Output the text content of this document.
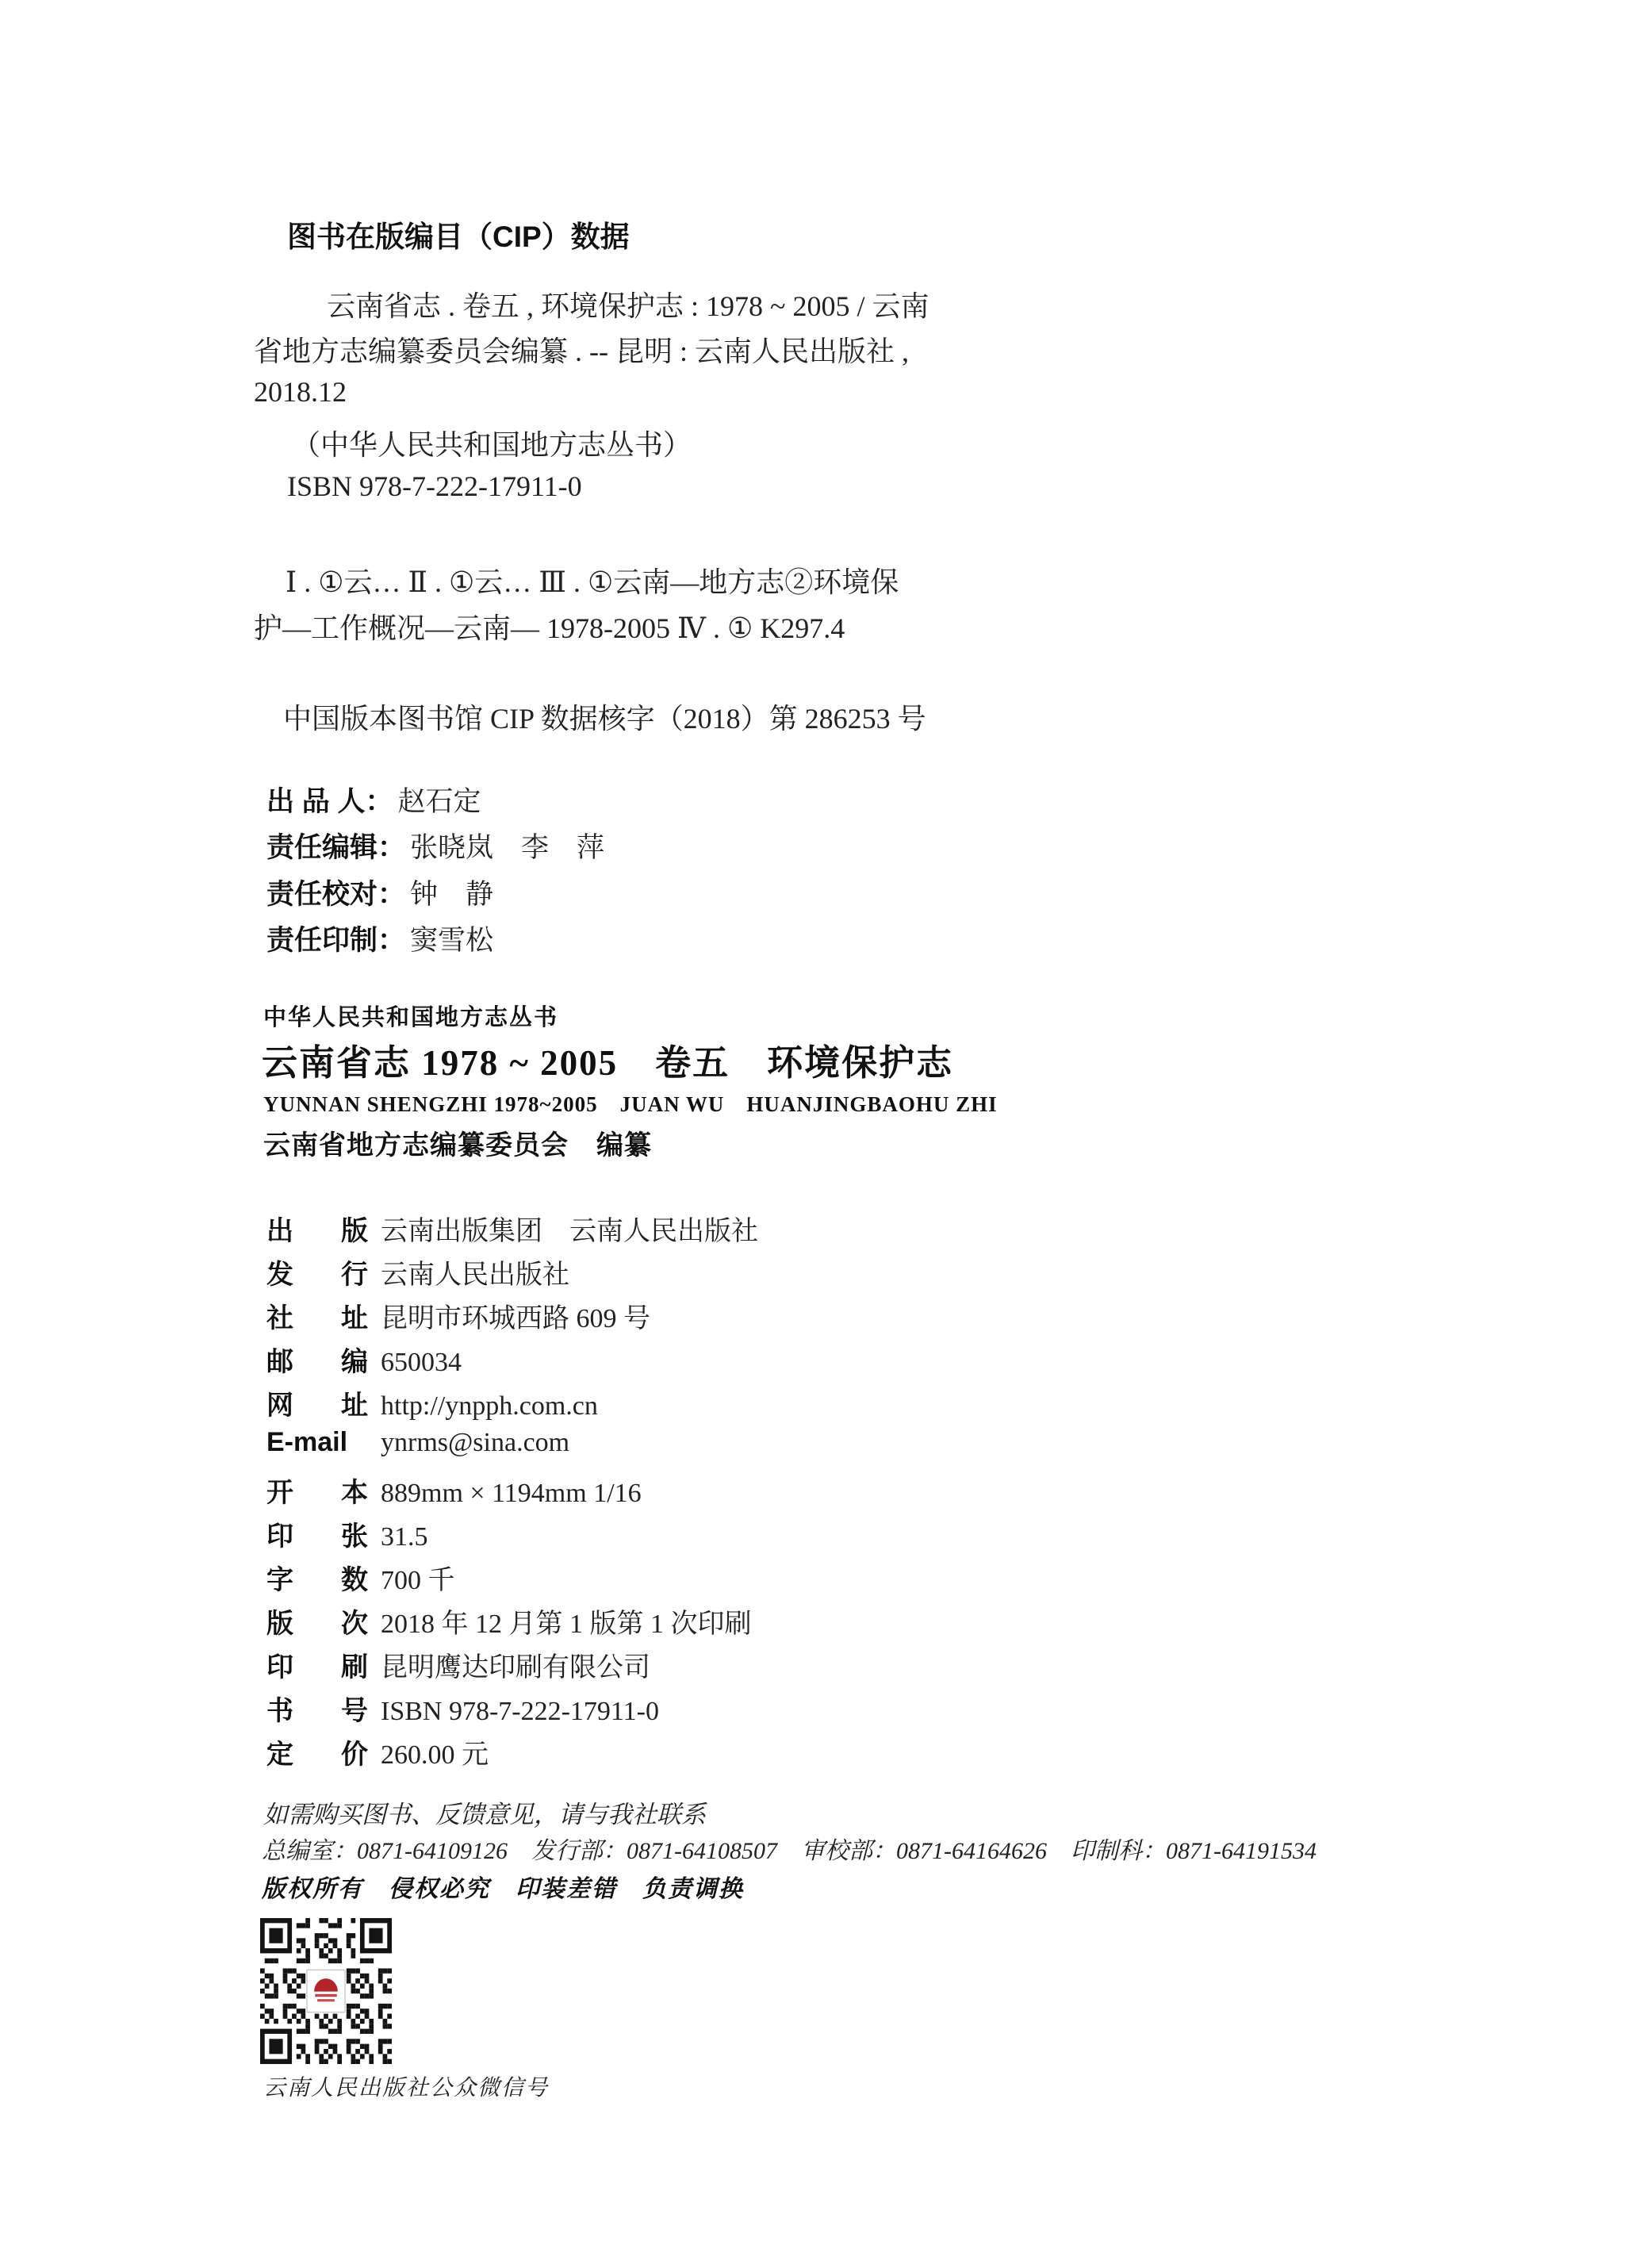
图书在版编目（CIP）数据
云南省志 . 卷五 , 环境保护志 : 1978 ~ 2005 / 云南
省地方志编纂委员会编纂 . -- 昆明 : 云南人民出版社 ,
2018.12
（中华人民共和国地方志丛书）
ISBN 978-7-222-17911-0
Ⅰ . ①云… Ⅱ . ①云… Ⅲ . ①云南—地方志②环境保
护—工作概况—云南— 1978-2005 Ⅳ . ① K297.4
中国版本图书馆 CIP 数据核字（2018）第 286253 号
出 品 人： 赵石定
责任编辑： 张晓岚　李　萍
责任校对： 钟　静
责任印制： 窦雪松
中华人民共和国地方志丛书
云南省志 1978 ~ 2005　卷五　环境保护志
YUNNAN SHENGZHI 1978~2005　JUAN WU　HUANJINGBAOHU ZHI
云南省地方志编纂委员会　编纂
出版 云南出版集团　云南人民出版社
发行 云南人民出版社
社址 昆明市环城西路 609 号
邮编 650034
网址 http://ynpph.com.cn
E-mail	ynrms@sina.com
开本 889mm × 1194mm 1/16
印张 31.5
字数 700 千
版次 2018 年 12 月第 1 版第 1 次印刷
印刷 昆明鹰达印刷有限公司
书号 ISBN 978-7-222-17911-0
定价 260.00 元
如需购买图书、反馈意见，请与我社联系
总编室：0871-64109126　发行部：0871-64108507　审校部：0871-64164626　印制科：0871-64191534
版权所有　侵权必究　印装差错　负责调换
云南人民出版社公众微信号
